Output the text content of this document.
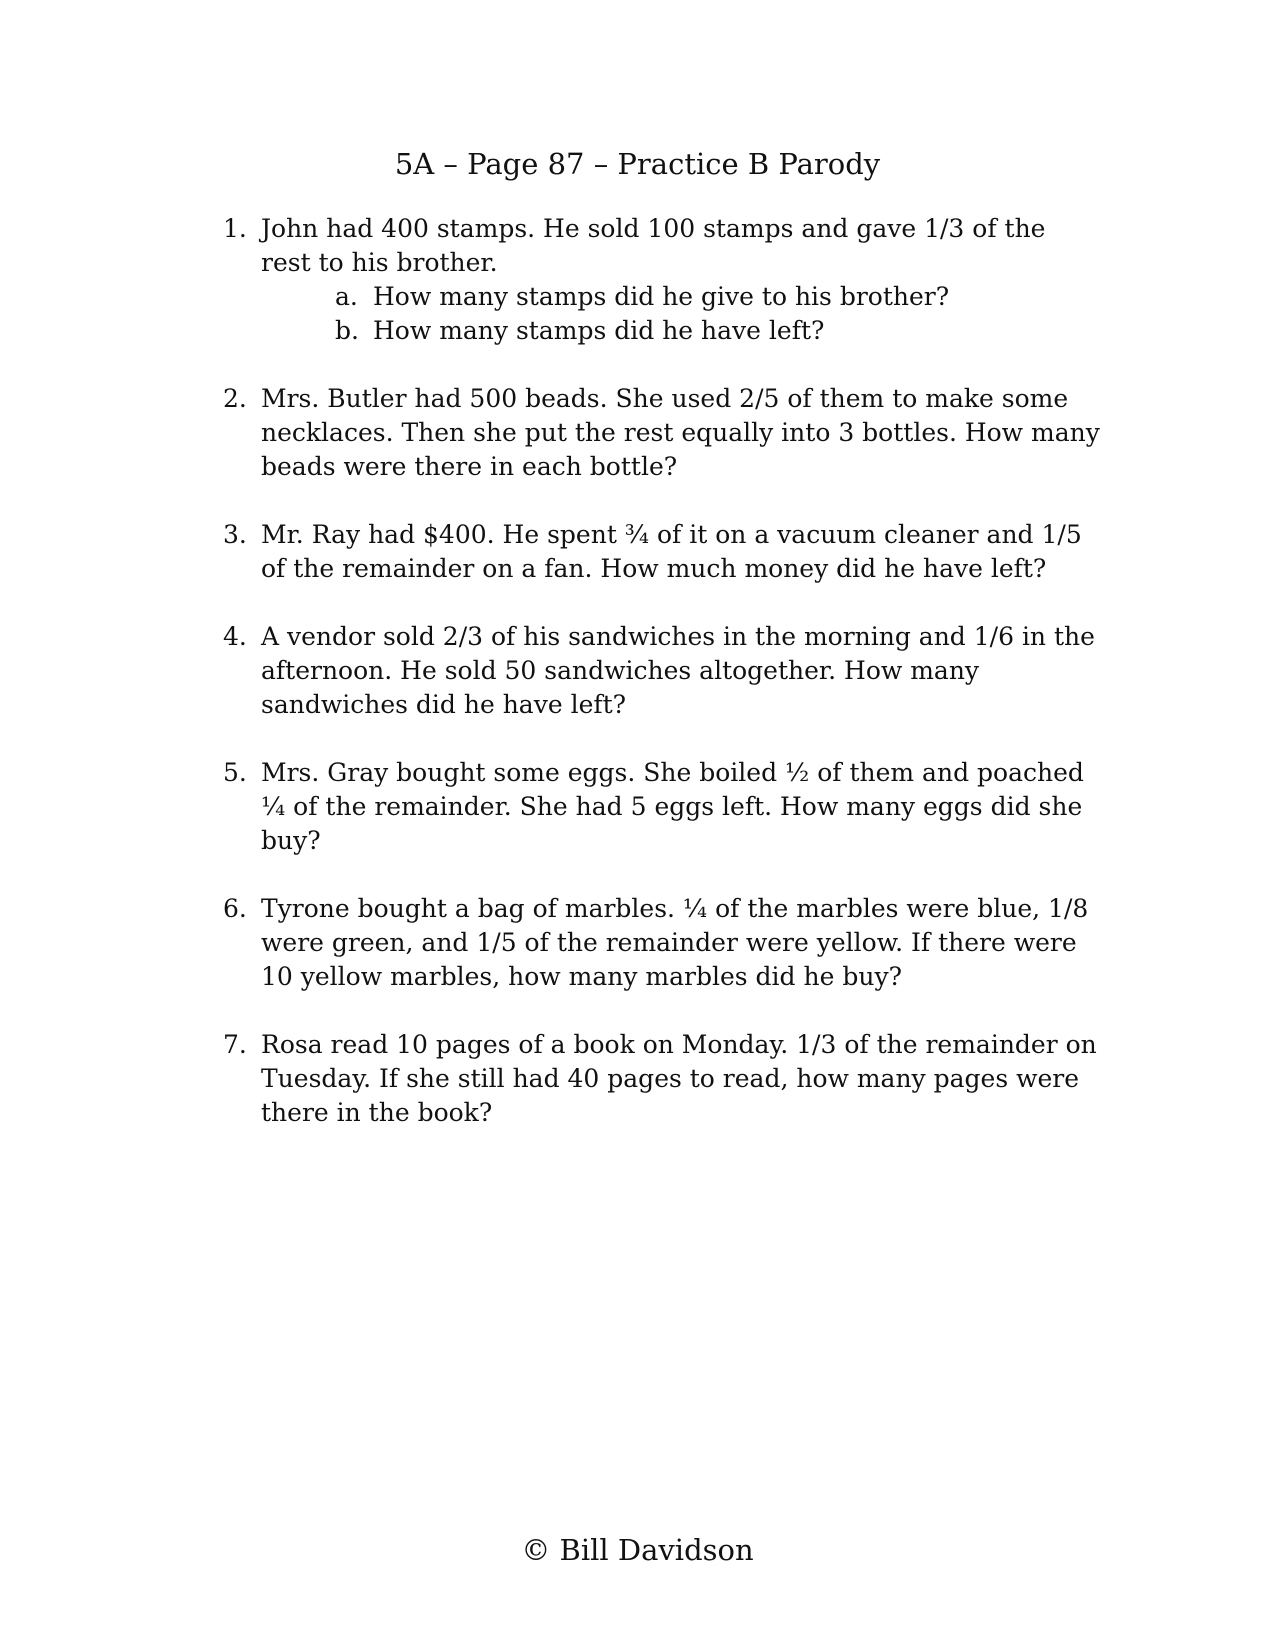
5A – Page 87 – Practice B Parody
1. John had 400 stamps. He sold 100 stamps and gave 1/3 of the rest to his brother.
a. How many stamps did he give to his brother?
b. How many stamps did he have left?
2. Mrs. Butler had 500 beads. She used 2/5 of them to make some necklaces. Then she put the rest equally into 3 bottles. How many beads were there in each bottle?
3. Mr. Ray had $400. He spent ¾ of it on a vacuum cleaner and 1/5 of the remainder on a fan. How much money did he have left?
4. A vendor sold 2/3 of his sandwiches in the morning and 1/6 in the afternoon. He sold 50 sandwiches altogether. How many sandwiches did he have left?
5. Mrs. Gray bought some eggs. She boiled ½ of them and poached ¼ of the remainder. She had 5 eggs left. How many eggs did she buy?
6. Tyrone bought a bag of marbles. ¼ of the marbles were blue, 1/8 were green, and 1/5 of the remainder were yellow. If there were 10 yellow marbles, how many marbles did he buy?
7. Rosa read 10 pages of a book on Monday. 1/3 of the remainder on Tuesday. If she still had 40 pages to read, how many pages were there in the book?
© Bill Davidson
